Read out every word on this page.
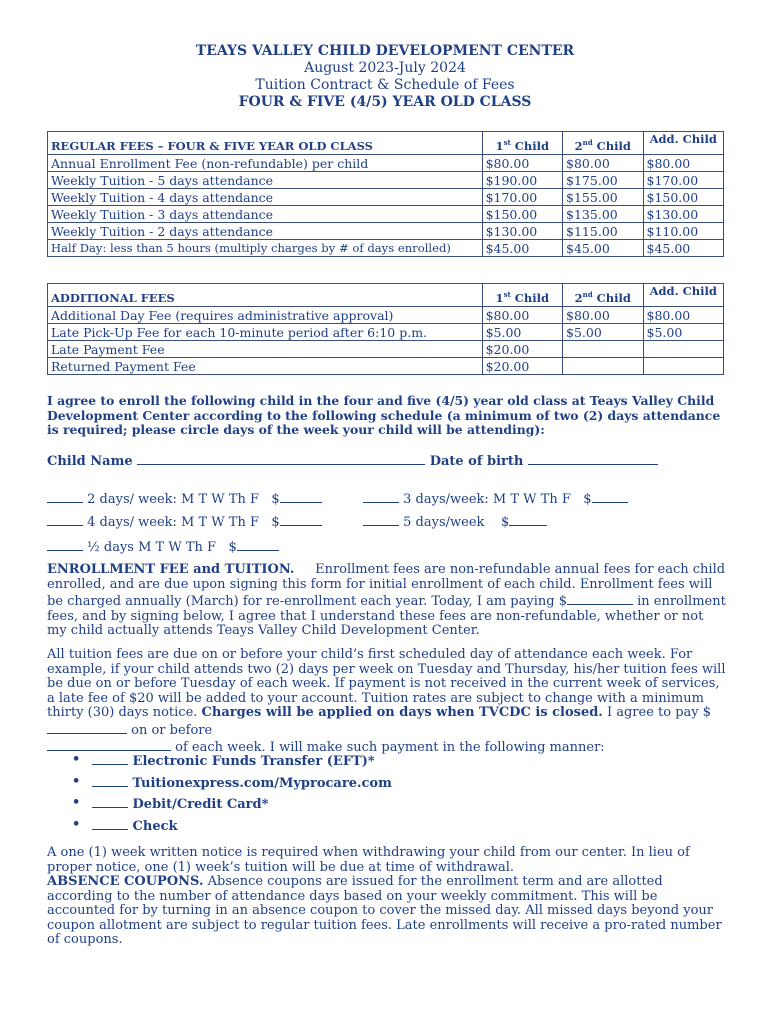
TEAYS VALLEY CHILD DEVELOPMENT CENTER
August 2023-July 2024
Tuition Contract & Schedule of Fees
FOUR & FIVE (4/5) YEAR OLD CLASS
REGULAR FEES – FOUR & FIVE YEAR OLD CLASS	1st Child	2nd Child	Add. Child
Annual Enrollment Fee (non-refundable) per child	$80.00	$80.00	$80.00
Weekly Tuition - 5 days attendance	$190.00	$175.00	$170.00
Weekly Tuition - 4 days attendance	$170.00	$155.00	$150.00
Weekly Tuition - 3 days attendance	$150.00	$135.00	$130.00
Weekly Tuition - 2 days attendance	$130.00	$115.00	$110.00
Half Day: less than 5 hours (multiply charges by # of days enrolled)	$45.00	$45.00	$45.00
ADDITIONAL FEES	1st Child	2nd Child	Add. Child
Additional Day Fee (requires administrative approval)	$80.00	$80.00	$80.00
Late Pick-Up Fee for each 10-minute period after 6:10 p.m.	$5.00	$5.00	$5.00
Late Payment Fee	$20.00		
Returned Payment Fee	$20.00		
I agree to enroll the following child in the four and five (4/5) year old class at Teays Valley Child Development Center according to the following schedule (a minimum of two (2) days attendance is required; please circle days of the week your child will be attending):
Child Name	Date of birth
2 days/ week: M T W Th F $	3 days/week: M T W Th F $
4 days/ week: M T W Th F $	5 days/week $
½ days M T W Th F $
ENROLLMENT FEE and TUITION. Enrollment fees are non-refundable annual fees for each child enrolled, and are due upon signing this form for initial enrollment of each child. Enrollment fees will be charged annually (March) for re-enrollment each year. Today, I am paying $	in enrollment fees, and by signing below, I agree that I understand these fees are non-refundable, whether or not my child actually attends Teays Valley Child Development Center.
All tuition fees are due on or before your child’s first scheduled day of attendance each week. For example, if your child attends two (2) days per week on Tuesday and Thursday, his/her tuition fees will be due on or before Tuesday of each week. If payment is not received in the current week of services, a late fee of $20 will be added to your account. Tuition rates are subject to change with a minimum thirty (30) days notice. Charges will be applied on days when TVCDC is closed. I agree to pay $ on or before
of each week. I will make such payment in the following manner:
•	Electronic Funds Transfer (EFT)*
•	Tuitionexpress.com/Myprocare.com
•	Debit/Credit Card*
•	Check
A one (1) week written notice is required when withdrawing your child from our center. In lieu of proper notice, one (1) week’s tuition will be due at time of withdrawal.
ABSENCE COUPONS. Absence coupons are issued for the enrollment term and are allotted according to the number of attendance days based on your weekly commitment. This will be accounted for by turning in an absence coupon to cover the missed day. All missed days beyond your coupon allotment are subject to regular tuition fees. Late enrollments will receive a pro-rated number of coupons.
